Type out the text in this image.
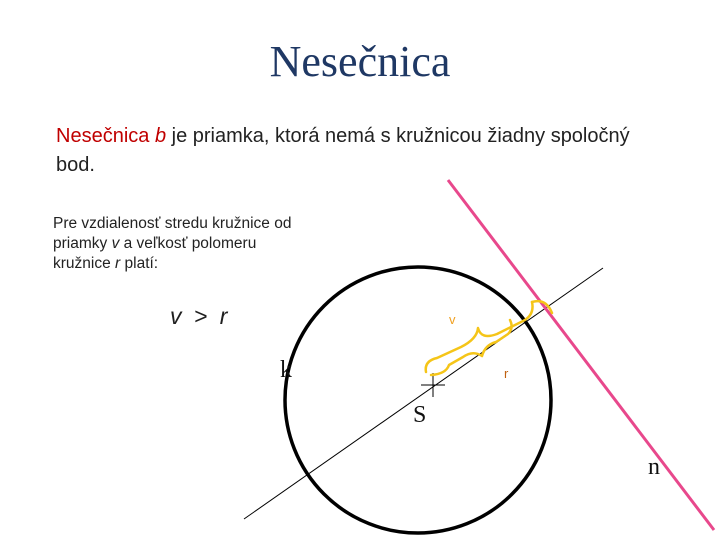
Nesečnica
Nesečnica b je priamka, ktorá nemá s kružnicou žiadny spoločný
bod.
Pre vzdialenosť stredu kružnice od
priamky v a veľkosť polomeru
kružnice r platí:
v > r
k
S
n
v
r
